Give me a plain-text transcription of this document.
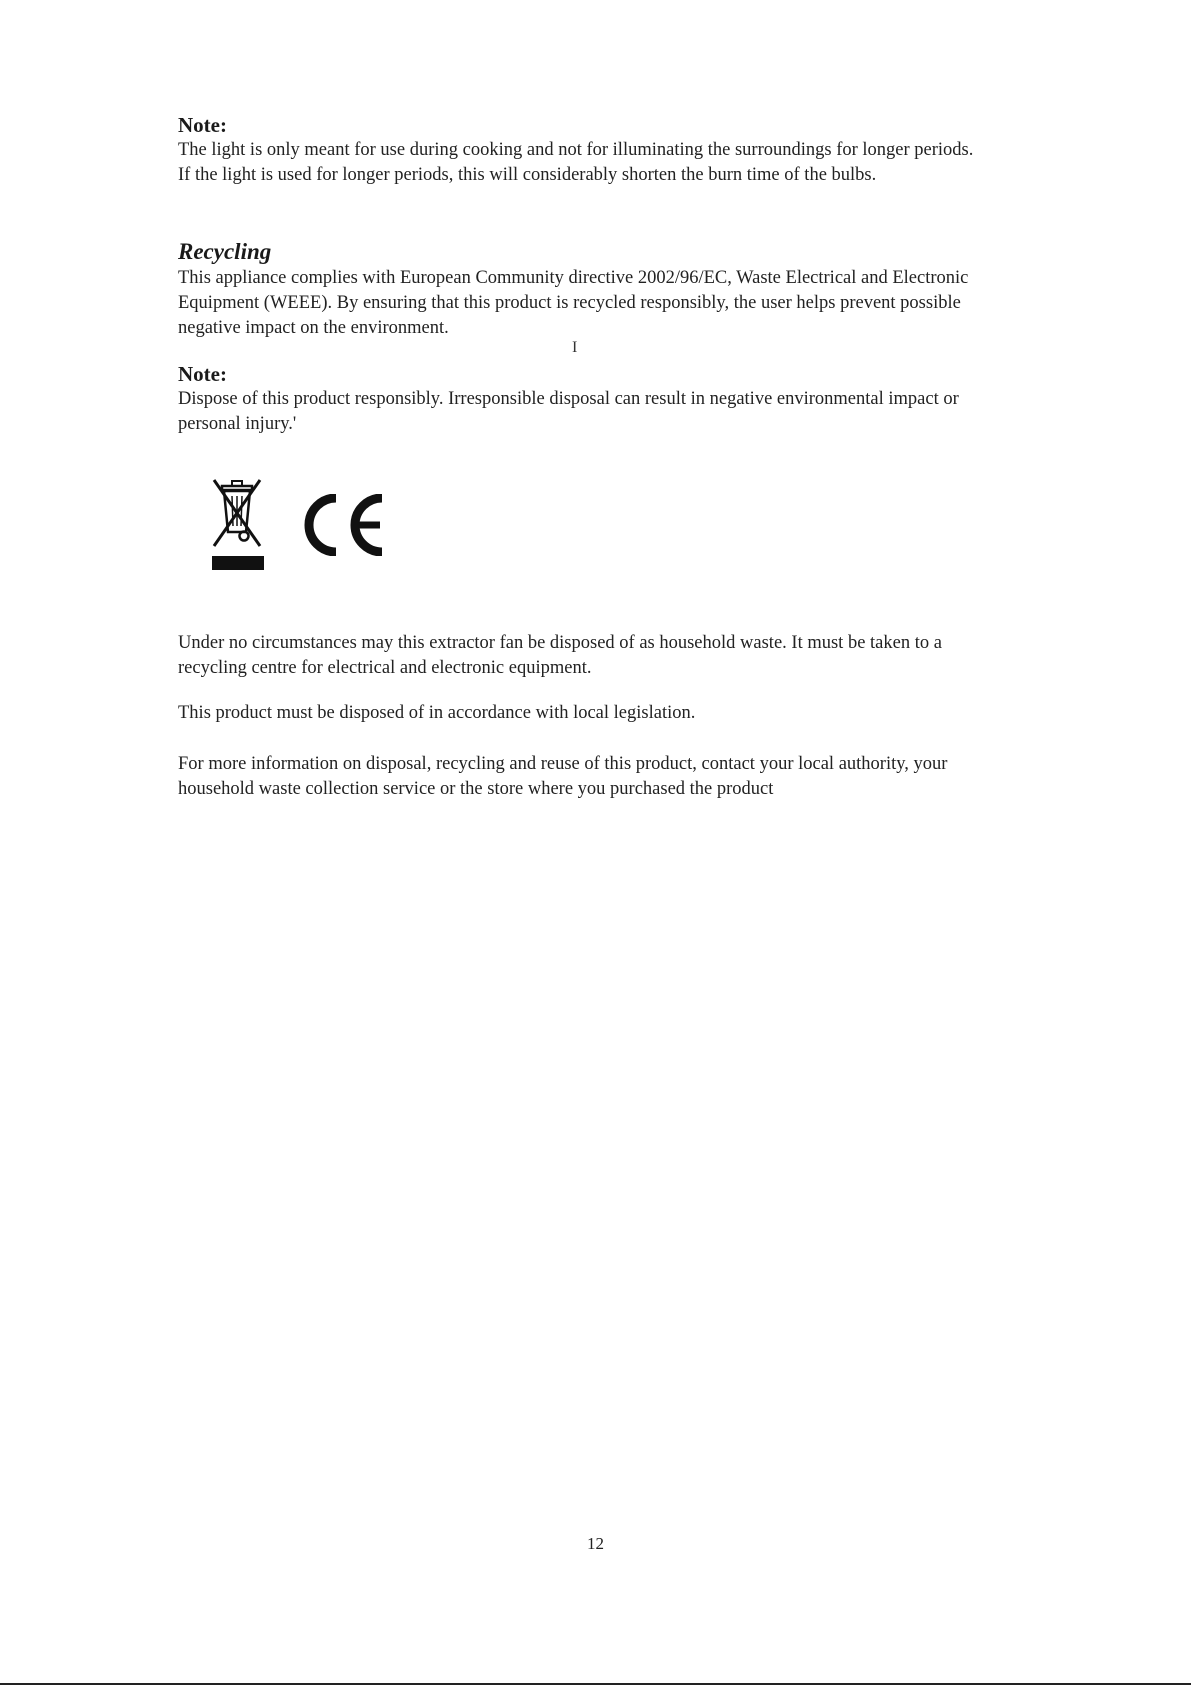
Note:

The light is only meant for use during cooking and not for illuminating the surroundings for longer periods. If the light is used for longer periods, this will considerably shorten the burn time of the bulbs.

Recycling

This appliance complies with European Community directive 2002/96/EC, Waste Electrical and Electronic Equipment (WEEE). By ensuring that this product is recycled responsibly, the user helps prevent possible negative impact on the environment.

I

Note:

Dispose of this product responsibly. Irresponsible disposal can result in negative environmental impact or personal injury.'

Under no circumstances may this extractor fan be disposed of as household waste. It must be taken to a recycling centre for electrical and electronic equipment.

This product must be disposed of in accordance with local legislation.

For more information on disposal, recycling and reuse of this product, contact your local authority, your household waste collection service or the store where you purchased the product

12
